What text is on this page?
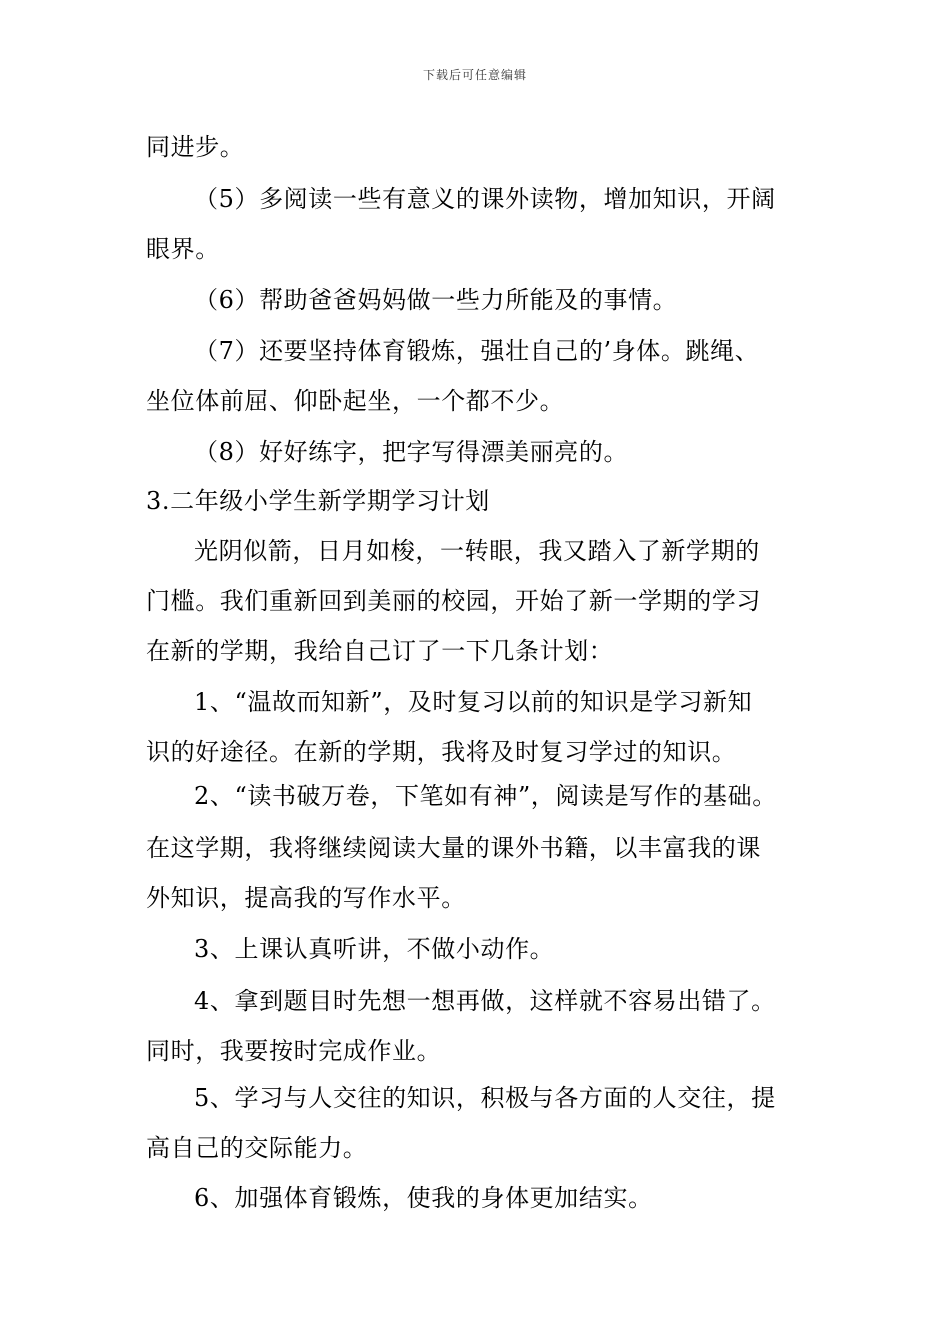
下载后可任意编辑
同进步。
（5）多阅读一些有意义的课外读物，增加知识，开阔
眼界。
（6）帮助爸爸妈妈做一些力所能及的事情。
（7）还要坚持体育锻炼，强壮自己的’身体。跳绳、
坐位体前屈、仰卧起坐，一个都不少。
（8）好好练字，把字写得漂美丽亮的。
3.二年级小学生新学期学习计划
光阴似箭，日月如梭，一转眼，我又踏入了新学期的
门槛。我们重新回到美丽的校园，开始了新一学期的学习
在新的学期，我给自己订了一下几条计划：
1、“温故而知新”，及时复习以前的知识是学习新知
识的好途径。在新的学期，我将及时复习学过的知识。
2、“读书破万卷，下笔如有神”，阅读是写作的基础。
在这学期，我将继续阅读大量的课外书籍，以丰富我的课
外知识，提高我的写作水平。
3、上课认真听讲，不做小动作。
4、拿到题目时先想一想再做，这样就不容易出错了。
同时，我要按时完成作业。
5、学习与人交往的知识，积极与各方面的人交往，提
高自己的交际能力。
6、加强体育锻炼，使我的身体更加结实。
